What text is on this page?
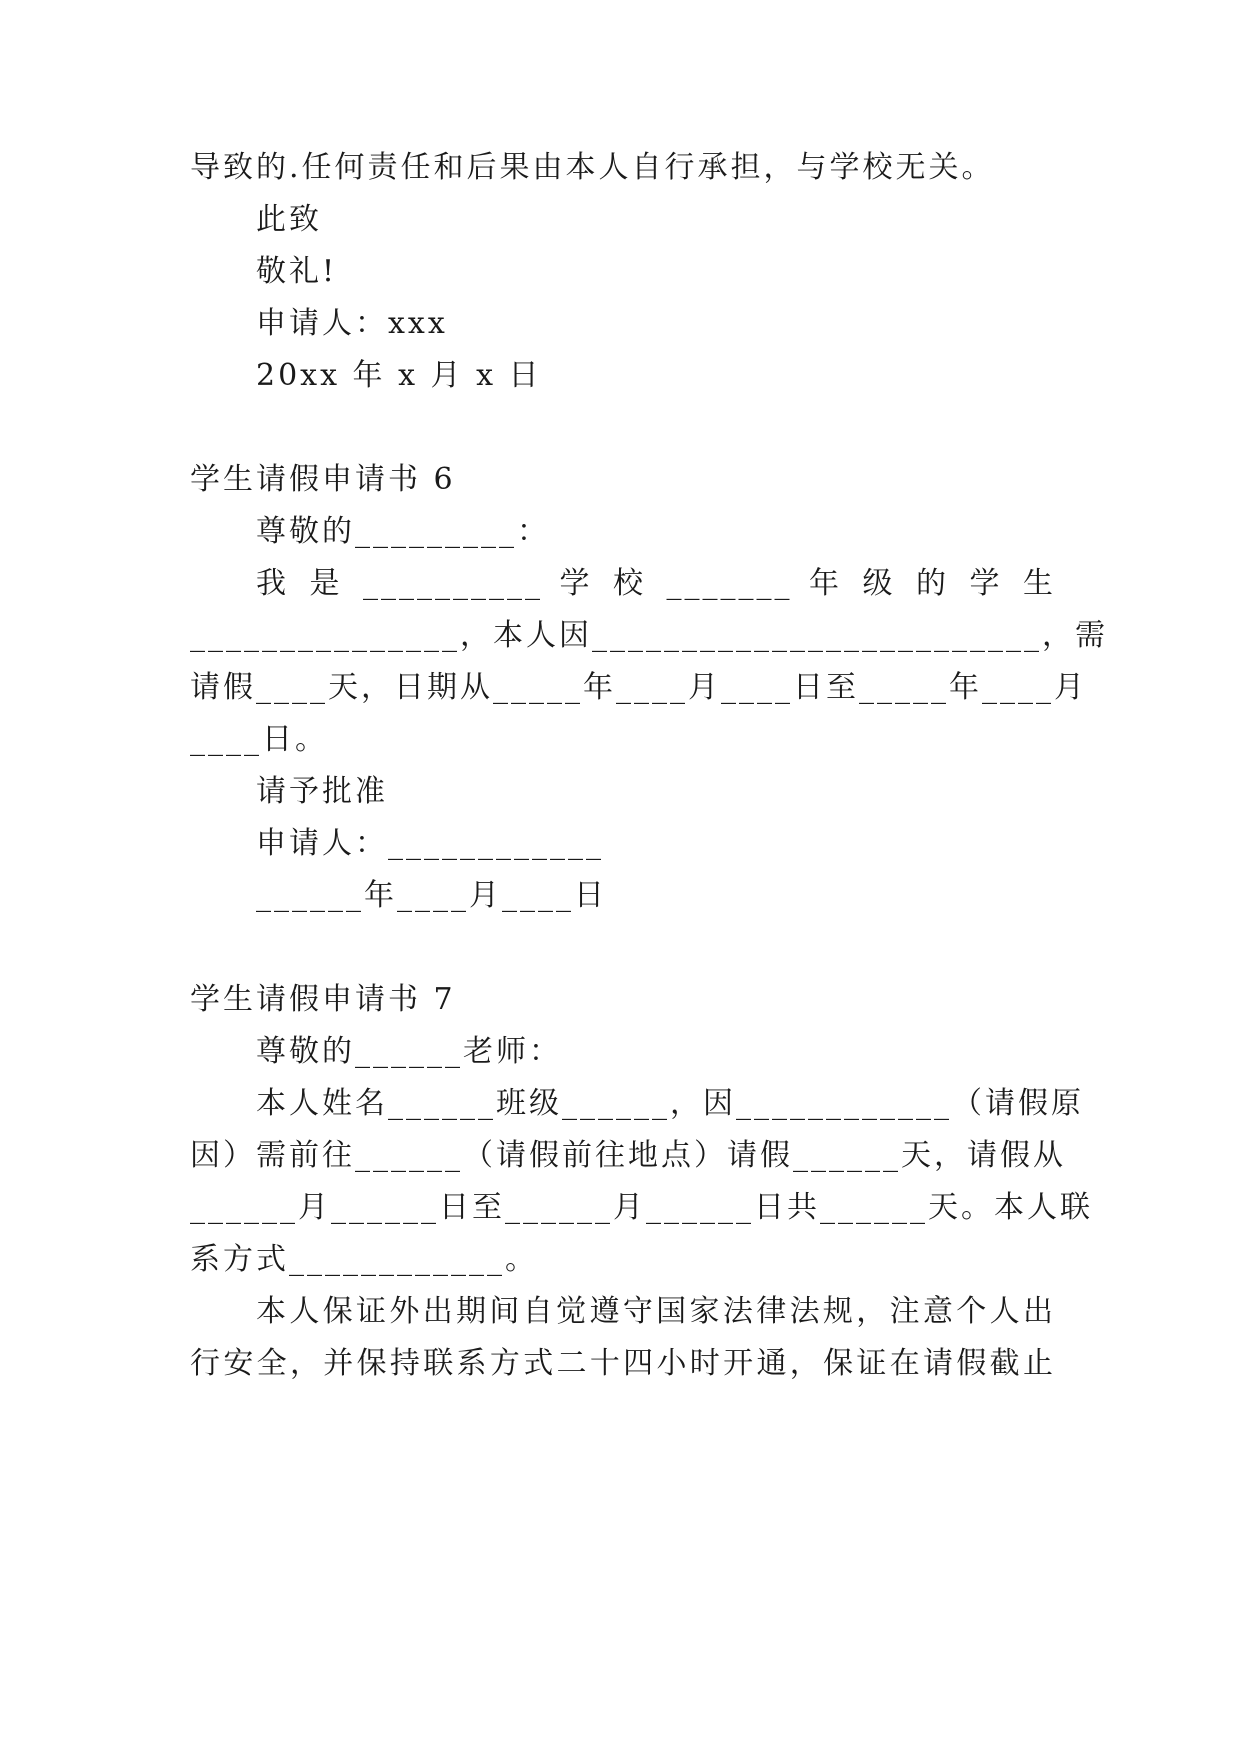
导致的.任何责任和后果由本人自行承担，与学校无关。
此致
敬礼!
申请人：xxx
20xx 年 x 月 x 日
学生请假申请书 6
尊敬的_________：
我 是 __________ 学 校 _______ 年 级 的 学 生
_______________，本人因_________________________，需
请假____天，日期从_____年____月____日至_____年____月
____日。
请予批准
申请人：____________
______年____月____日
学生请假申请书 7
尊敬的______老师：
本人姓名______班级______，因____________（请假原
因）需前往______（请假前往地点）请假______天，请假从
______月______日至______月______日共______天。本人联
系方式____________。
本人保证外出期间自觉遵守国家法律法规，注意个人出
行安全，并保持联系方式二十四小时开通，保证在请假截止
